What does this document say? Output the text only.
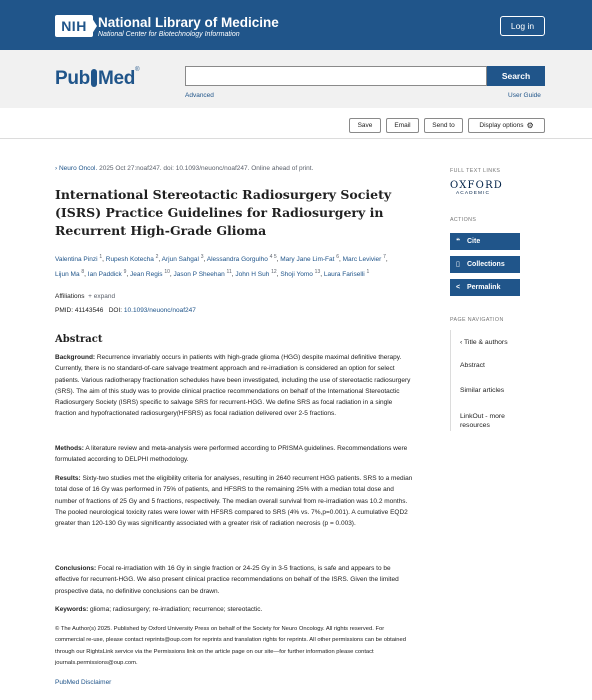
NIH National Library of Medicine
National Center for Biotechnology Information
Log in
Pub Med®
Search
Advanced	User Guide
Save	Email	Send to	Display options ⚙
› Neuro Oncol. 2025 Oct 27:noaf247. doi: 10.1093/neuonc/noaf247. Online ahead of print.
International Stereotactic Radiosurgery Society (ISRS) Practice Guidelines for Radiosurgery in Recurrent High-Grade Glioma
Valentina Pinzi $^1$, Rupesh Kotecha $^2$, Arjun Sahgal $^3$, Alessandra Gorgulho $^{4 5}$, Mary Jane Lim-Fat $^6$, Marc Levivier $^7$, Lijun Ma $^8$, Ian Paddick $^9$, Jean Regis $^{10}$, Jason P Sheehan $^{11}$, John H Suh $^{12}$, Shoji Yomo $^{13}$, Laura Fariselli $^1$
Affiliations + expand
PMID: 41143546 DOI: 10.1093/neuonc/noaf247
Abstract

Background: Recurrence invariably occurs in patients with high-grade glioma (HGG) despite maximal definitive therapy. Currently, there is no standard-of-care salvage treatment approach and re-irradiation is considered an option for select patients. Various radiotherapy fractionation schedules have been investigated, including the use of stereotactic radiosurgery (SRS). The aim of this study was to provide clinical practice recommendations on behalf of the International Stereotactic Radiosurgery Society (ISRS) specific to salvage SRS for recurrent-HGG. We define SRS as focal radiation in a single fraction and hypofractionated radiosurgery(HFSRS) as focal radiation delivered over 2-5 fractions.

Methods: A literature review and meta-analysis were performed according to PRISMA guidelines. Recommendations were formulated according to DELPHI methodology.

Results: Sixty-two studies met the eligibility criteria for analyses, resulting in 2640 recurrent HGG patients. SRS to a median total dose of 16 Gy was performed in 75% of patients, and HFSRS to the remaining 25% with a median total dose and number of fractions of 25 Gy and 5 fractions, respectively. The median overall survival from re-irradiation was 10.2 months. The pooled neurological toxicity rates were lower with HFSRS compared to SRS (4% vs. 7%,p=0.001). A cumulative EQD2 greater than 120-130 Gy was significantly associated with a greater risk of radiation necrosis (p = 0.003).

Conclusions: Focal re-irradiation with 16 Gy in single fraction or 24-25 Gy in 3-5 fractions, is safe and appears to be effective for recurrent-HGG. We also present clinical practice recommendations on behalf of the ISRS. Given the limited prospective data, no definitive conclusions can be drawn.

Keywords: glioma; radiosurgery; re-irradiation; recurrence; stereotactic.

© The Author(s) 2025. Published by Oxford University Press on behalf of the Society for Neuro Oncology. All rights reserved. For commercial re-use, please contact reprints@oup.com for reprints and translation rights for reprints. All other permissions can be obtained through our RightsLink service via the Permissions link on the article page on our site—for further information please contact journals.permissions@oup.com.

PubMed Disclaimer
FULL TEXT LINKS
OXFORD
ACADEMIC
ACTIONS
❝ Cite
▯ Collections
< Permalink
PAGE NAVIGATION
‹ Title & authors
Abstract
Similar articles
LinkOut - more resources
